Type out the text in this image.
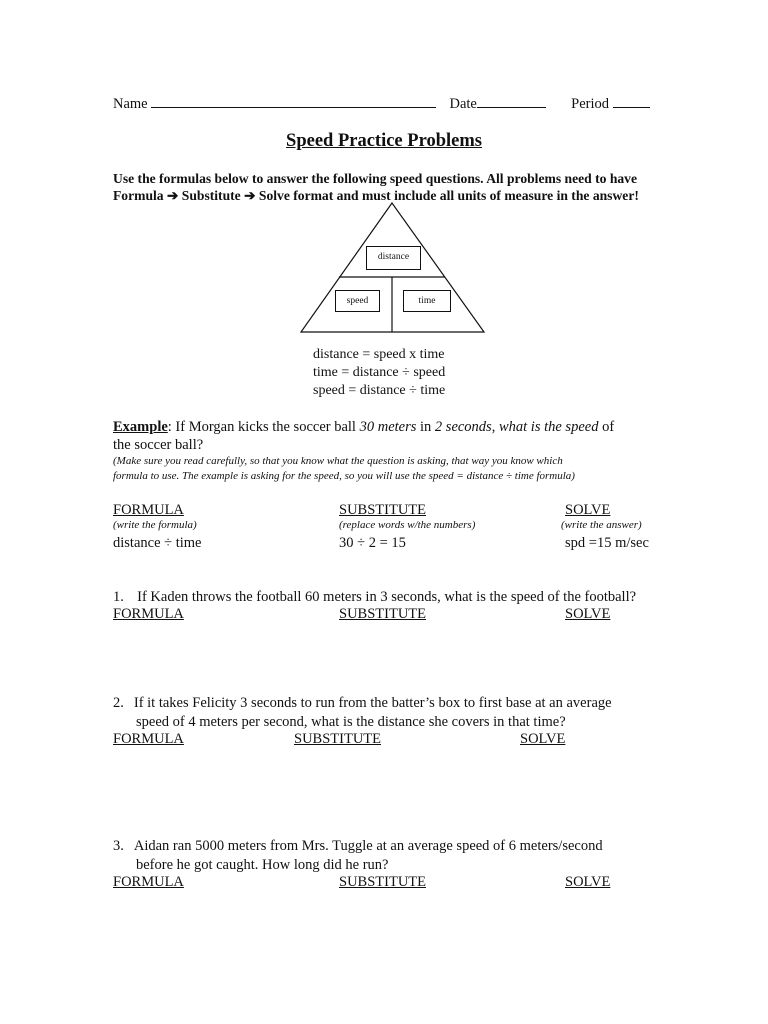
Name	Date	Period
Speed Practice Problems
Use the formulas below to answer the following speed questions. All problems need to have
Formula ➔ Substitute ➔ Solve format and must include all units of measure in the answer!
distance
speed	time
distance = speed x time
time = distance ÷ speed
speed = distance ÷ time
Example: If Morgan kicks the soccer ball 30 meters in 2 seconds, what is the speed of
the soccer ball?
(Make sure you read carefully, so that you know what the question is asking, that way you know which
formula to use. The example is asking for the speed, so you will use the speed = distance ÷ time formula)
FORMULA	SUBSTITUTE	SOLVE
(write the formula)	(replace words w/the numbers)	(write the answer)
distance ÷ time	30 ÷ 2 = 15	spd =15 m/sec
1. If Kaden throws the football 60 meters in 3 seconds, what is the speed of the football?
FORMULA	SUBSTITUTE	SOLVE
2. If it takes Felicity 3 seconds to run from the batter’s box to first base at an average
speed of 4 meters per second, what is the distance she covers in that time?
FORMULA	SUBSTITUTE	SOLVE
3. Aidan ran 5000 meters from Mrs. Tuggle at an average speed of 6 meters/second
before he got caught. How long did he run?
FORMULA	SUBSTITUTE	SOLVE
